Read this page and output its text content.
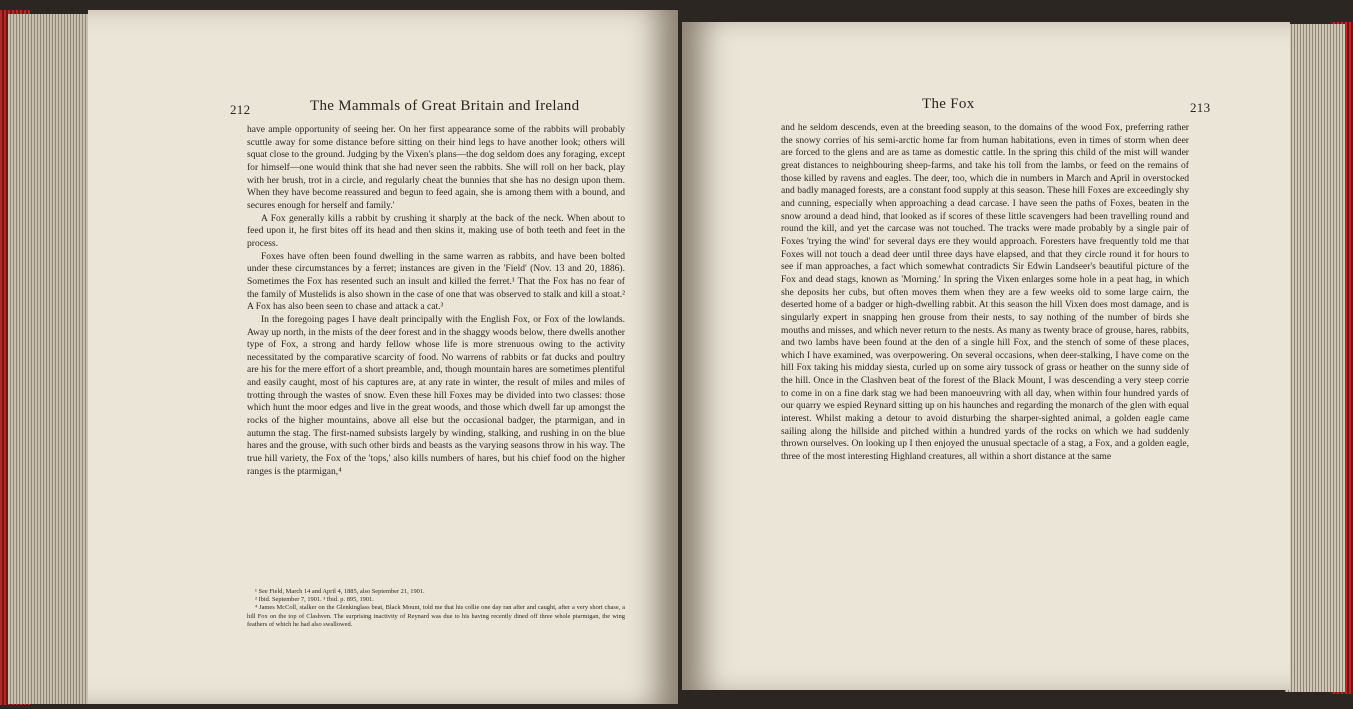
212	The Mammals of Great Britain and Ireland

have ample opportunity of seeing her. On her first appearance some of the rabbits will probably scuttle away for some distance before sitting on their hind legs to have another look; others will squat close to the ground. Judging by the Vixen's plans—the dog seldom does any foraging, except for himself—one would think that she had never seen the rabbits. She will roll on her back, play with her brush, trot in a circle, and regularly cheat the bunnies that she has no design upon them. When they have become reassured and begun to feed again, she is among them with a bound, and secures enough for herself and family.'

A Fox generally kills a rabbit by crushing it sharply at the back of the neck. When about to feed upon it, he first bites off its head and then skins it, making use of both teeth and feet in the process.

Foxes have often been found dwelling in the same warren as rabbits, and have been bolted under these circumstances by a ferret; instances are given in the 'Field' (Nov. 13 and 20, 1886). Sometimes the Fox has resented such an insult and killed the ferret.¹ That the Fox has no fear of the family of Mustelids is also shown in the case of one that was observed to stalk and kill a stoat.² A Fox has also been seen to chase and attack a cat.³

In the foregoing pages I have dealt principally with the English Fox, or Fox of the lowlands. Away up north, in the mists of the deer forest and in the shaggy woods below, there dwells another type of Fox, a strong and hardy fellow whose life is more strenuous owing to the activity necessitated by the comparative scarcity of food. No warrens of rabbits or fat ducks and poultry are his for the mere effort of a short preamble, and, though mountain hares are sometimes plentiful and easily caught, most of his captures are, at any rate in winter, the result of miles and miles of trotting through the wastes of snow. Even these hill Foxes may be divided into two classes: those which hunt the moor edges and live in the great woods, and those which dwell far up amongst the rocks of the higher mountains, above all else but the occasional badger, the ptarmigan, and in autumn the stag. The first-named subsists largely by winding, stalking, and rushing in on the blue hares and the grouse, with such other birds and beasts as the varying seasons throw in his way. The true hill variety, the Fox of the 'tops,' also kills numbers of hares, but his chief food on the higher ranges is the ptarmigan,⁴

¹ See Field, March 14 and April 4, 1885, also September 21, 1901.

² Ibid. September 7, 1901. ³ Ibid. p. 895, 1901.

⁴ James McColl, stalker on the Glenkinglass beat, Black Mount, told me that his collie one day ran after and caught, after a very short chase, a hill Fox on the top of Clashven. The surprising inactivity of Reynard was due to his having recently dined off three whole ptarmigan, the wing feathers of which he had also swallowed.

The Fox	213

and he seldom descends, even at the breeding season, to the domains of the wood Fox, preferring rather the snowy corries of his semi-arctic home far from human habitations, even in times of storm when deer are forced to the glens and are as tame as domestic cattle. In the spring this child of the mist will wander great distances to neighbouring sheep-farms, and take his toll from the lambs, or feed on the remains of those killed by ravens and eagles. The deer, too, which die in numbers in March and April in overstocked and badly managed forests, are a constant food supply at this season. These hill Foxes are exceedingly shy and cunning, especially when approaching a dead carcase. I have seen the paths of Foxes, beaten in the snow around a dead hind, that looked as if scores of these little scavengers had been travelling round and round the kill, and yet the carcase was not touched. The tracks were made probably by a single pair of Foxes 'trying the wind' for several days ere they would approach. Foresters have frequently told me that Foxes will not touch a dead deer until three days have elapsed, and that they circle round it for hours to see if man approaches, a fact which somewhat contradicts Sir Edwin Landseer's beautiful picture of the Fox and dead stags, known as 'Morning.' In spring the Vixen enlarges some hole in a peat hag, in which she deposits her cubs, but often moves them when they are a few weeks old to some large cairn, the deserted home of a badger or high-dwelling rabbit. At this season the hill Vixen does most damage, and is singularly expert in snapping hen grouse from their nests, to say nothing of the number of birds she mouths and misses, and which never return to the nests. As many as twenty brace of grouse, hares, rabbits, and two lambs have been found at the den of a single hill Fox, and the stench of some of these places, which I have examined, was overpowering. On several occasions, when deer-stalking, I have come on the hill Fox taking his midday siesta, curled up on some airy tussock of grass or heather on the sunny side of the hill. Once in the Clashven beat of the forest of the Black Mount, I was descending a very steep corrie to come in on a fine dark stag we had been manoeuvring with all day, when within four hundred yards of our quarry we espied Reynard sitting up on his haunches and regarding the monarch of the glen with equal interest. Whilst making a detour to avoid disturbing the sharper-sighted animal, a golden eagle came sailing along the hillside and pitched within a hundred yards of the rocks on which we had suddenly thrown ourselves. On looking up I then enjoyed the unusual spectacle of a stag, a Fox, and a golden eagle, three of the most interesting Highland creatures, all within a short distance at the same
